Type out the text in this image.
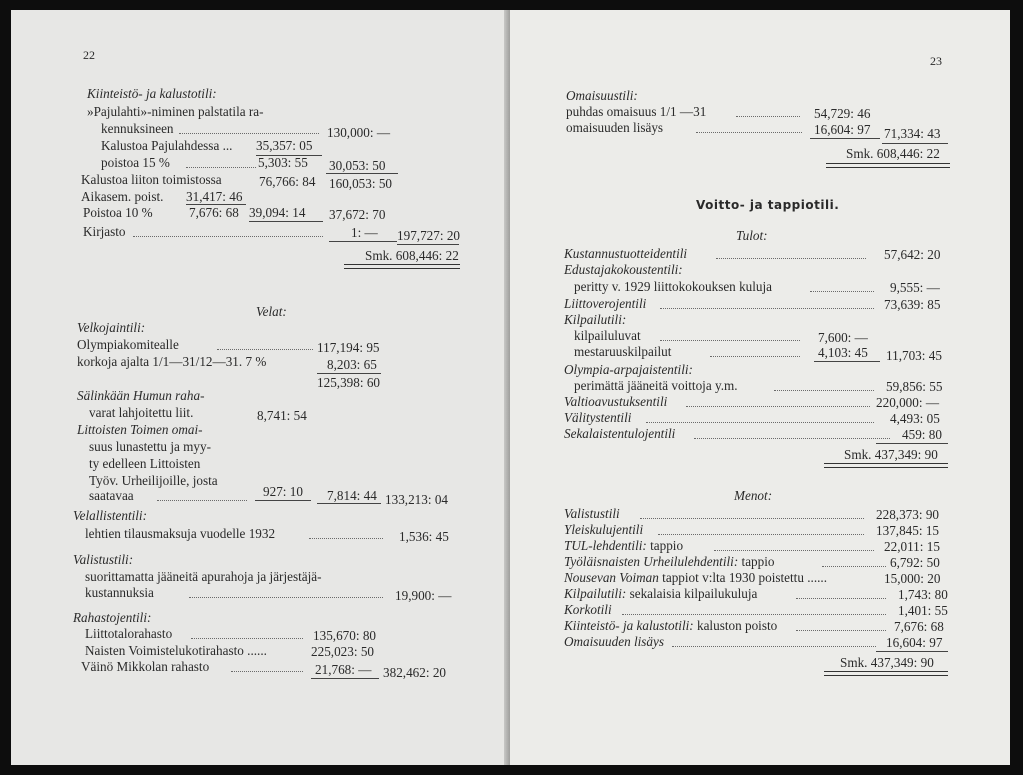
22
Kiinteistö- ja kalustotili:
»Pajulahti»-niminen palstatila ra-
kennuksineen	130,000: —
Kalustoa Pajulahdessa ... 35,357: 05
poistoa 15 %	5,303: 55 30,053: 50
Kalustoa liiton toimistossa	76,766: 84 160,053: 50
Aikasem. poist. 31,417: 46
Poistoa 10 %	7,676: 68 39,094: 14 37,672: 70
Kirjasto	1: — 197,727: 20
Smk. 608,446: 22
Velat:
Velkojaintili:
Olympiakomitealle	117,194: 95
korkoja ajalta 1/1—31/12—31. 7 %	8,203: 65
125,398: 60
Sälinkään Humun raha-
varat lahjoitettu liit.	8,741: 54
Littoisten Toimen omai-
suus lunastettu ja myy-
ty edelleen Littoisten
Työv. Urheilijoille, josta
saatavaa	927: 10 7,814: 44 133,213: 04
Velallistentili:
lehtien tilausmaksuja vuodelle 1932	1,536: 45
Valistustili:
suorittamatta jääneitä apurahoja ja järjestäjä-
kustannuksia	19,900: —
Rahastojentili:
Liittotalorahasto	135,670: 80
Naisten Voimistelukotirahasto ......	225,023: 50
Väinö Mikkolan rahasto	21,768: — 382,462: 20
23
Omaisuustili:
puhdas omaisuus 1/1 —31	54,729: 46
omaisuuden lisäys	16,604: 97 71,334: 43
Smk. 608,446: 22
Voitto- ja tappiotili.
Tulot:
Kustannustuotteidentili	57,642: 20
Edustajakokoustentili:
peritty v. 1929 liittokokouksen kuluja	9,555: —
Liittoverojentili	73,639: 85
Kilpailutili:
kilpailuluvat	7,600: —
mestaruuskilpailut	4,103: 45 11,703: 45
Olympia-arpajaistentili:
perimättä jääneitä voittoja y.m.	59,856: 55
Valtioavustuksentili	220,000: —
Välitystentili	4,493: 05
Sekalaistentulojentili	459: 80
Smk. 437,349: 90
Menot:
Valistustili	228,373: 90
Yleiskulujentili	137,845: 15
TUL-lehdentili: tappio	22,011: 15
Työläisnaisten Urheilulehdentili: tappio	6,792: 50
Nousevan Voiman tappiot v:lta 1930 poistettu ......	15,000: 20
Kilpailutili: sekalaisia kilpailukuluja	1,743: 80
Korkotili	1,401: 55
Kiinteistö- ja kalustotili: kaluston poisto	7,676: 68
Omaisuuden lisäys	16,604: 97
Smk. 437,349: 90
